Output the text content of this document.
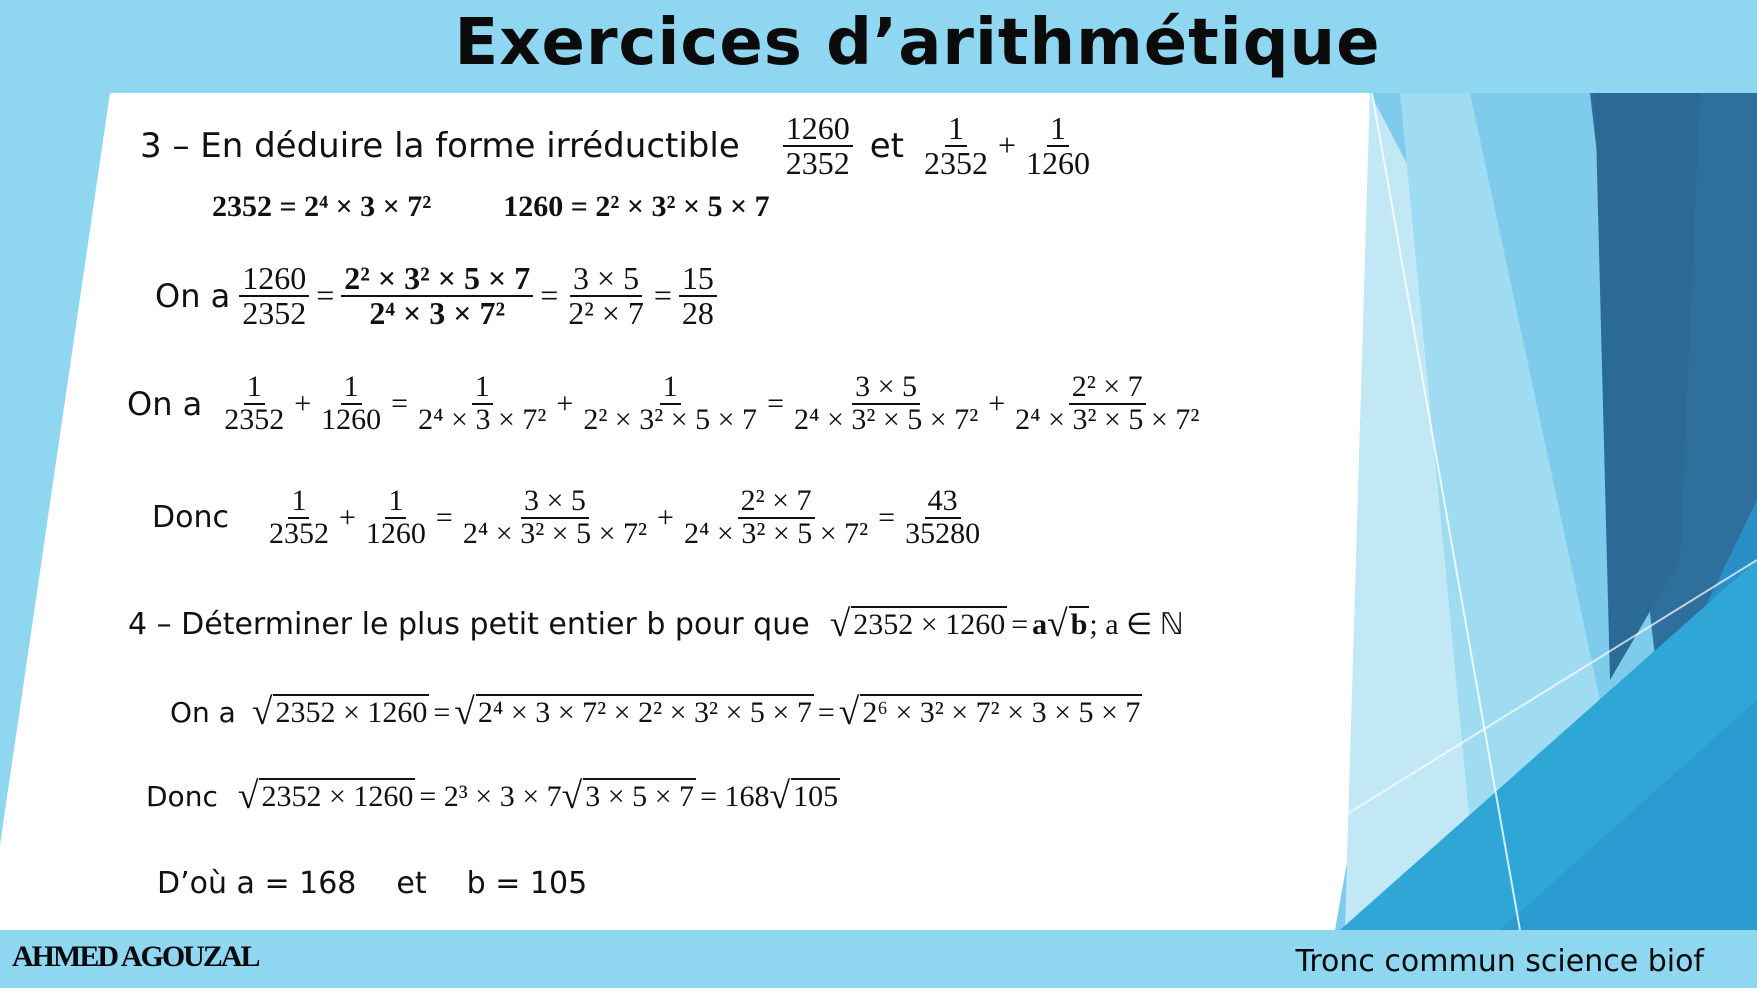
Exercices d’arithmétique
3 – En déduire la forme irréductible $\frac{1260}{2352}$ et $\frac{1}{2352} + \frac{1}{1260}$
2352 = 2⁴ × 3 × 7² 1260 = 2² × 3² × 5 × 7
On a $\frac{1260}{2352} = \frac{\text{2² × 3² × 5 × 7}}{\text{2⁴ × 3 × 7²}} = \frac{3 \times 5}{\text{2² × 7}} = \frac{15}{28}$
On a $\frac{1}{2352} + \frac{1}{1260} = \frac{1}{\text{2⁴ × 3 × 7²}} + \frac{1}{\text{2² × 3² × 5 × 7}} = \frac{3 \times 5}{\text{2⁴ × 3² × 5 × 7²}} + \frac{\text{2² × 7}}{\text{2⁴ × 3² × 5 × 7²}}$
Donc $\frac{1}{2352} + \frac{1}{1260} = \frac{3 \times 5}{\text{2⁴ × 3² × 5 × 7²}} + \frac{\text{2² × 7}}{\text{2⁴ × 3² × 5 × 7²}} = \frac{43}{35280}$
4 – Déterminer le plus petit entier b pour que √ 2352 × 1260 = a √ b ; a ∈ ℕ
On a √ 2352 × 1260 = √ 2⁴ × 3 × 7² × 2² × 3² × 5 × 7 = √ 2⁶ × 3² × 7² × 3 × 5 × 7
Donc √ 2352 × 1260 = 2³ × 3 × 7 √ 3 × 5 × 7 = 168 √ 105
D’où a = 168 et b = 105
AHMED AGOUZAL	Tronc commun science biof
